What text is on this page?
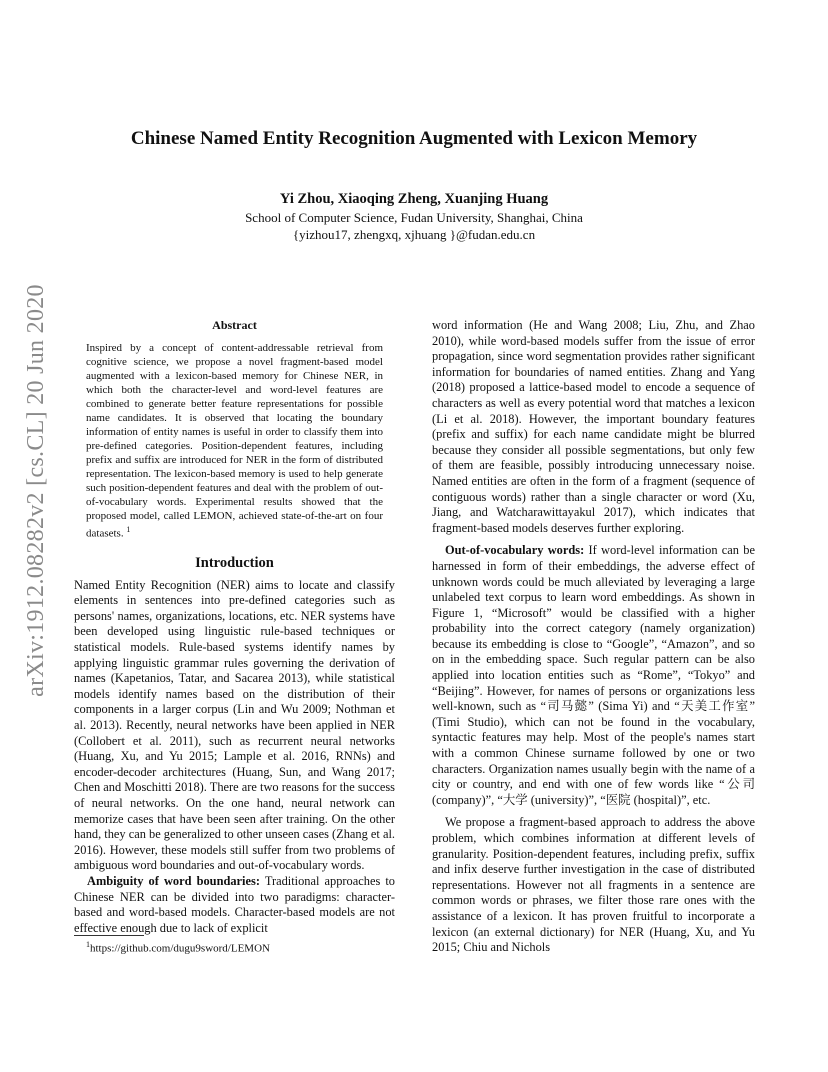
arXiv:1912.08282v2 [cs.CL] 20 Jun 2020
Chinese Named Entity Recognition Augmented with Lexicon Memory
Yi Zhou, Xiaoqing Zheng, Xuanjing Huang
School of Computer Science, Fudan University, Shanghai, China
{yizhou17, zhengxq, xjhuang }@fudan.edu.cn
Abstract
Inspired by a concept of content-addressable retrieval from cognitive science, we propose a novel fragment-based model augmented with a lexicon-based memory for Chinese NER, in which both the character-level and word-level features are combined to generate better feature representations for possible name candidates. It is observed that locating the boundary information of entity names is useful in order to classify them into pre-defined categories. Position-dependent features, including prefix and suffix are introduced for NER in the form of distributed representation. The lexicon-based memory is used to help generate such position-dependent features and deal with the problem of out-of-vocabulary words. Experimental results showed that the proposed model, called LEMON, achieved state-of-the-art on four datasets. $^1$
Introduction

Named Entity Recognition (NER) aims to locate and classify elements in sentences into pre-defined categories such as persons' names, organizations, locations, etc. NER systems have been developed using linguistic rule-based techniques or statistical models. Rule-based systems identify names by applying linguistic grammar rules governing the derivation of names (Kapetanios, Tatar, and Sacarea 2013), while statistical models identify names based on the distribution of their components in a larger corpus (Lin and Wu 2009; Nothman et al. 2013). Recently, neural networks have been applied in NER (Collobert et al. 2011), such as recurrent neural networks (Huang, Xu, and Yu 2015; Lample et al. 2016, RNNs) and encoder-decoder architectures (Huang, Sun, and Wang 2017; Chen and Moschitti 2018). There are two reasons for the success of neural networks. On the one hand, neural network can memorize cases that have been seen after training. On the other hand, they can be generalized to other unseen cases (Zhang et al. 2016). However, these models still suffer from two problems of ambiguous word boundaries and out-of-vocabulary words.

Ambiguity of word boundaries: Traditional approaches to Chinese NER can be divided into two paradigms: character-based and word-based models. Character-based models are not effective enough due to lack of explicit

word information (He and Wang 2008; Liu, Zhu, and Zhao 2010), while word-based models suffer from the issue of error propagation, since word segmentation provides rather significant information for boundaries of named entities. Zhang and Yang (2018) proposed a lattice-based model to encode a sequence of characters as well as every potential word that matches a lexicon (Li et al. 2018). However, the important boundary features (prefix and suffix) for each name candidate might be blurred because they consider all possible segmentations, but only few of them are feasible, possibly introducing unnecessary noise. Named entities are often in the form of a fragment (sequence of contiguous words) rather than a single character or word (Xu, Jiang, and Watcharawittayakul 2017), which indicates that fragment-based models deserves further exploring.

Out-of-vocabulary words: If word-level information can be harnessed in form of their embeddings, the adverse effect of unknown words could be much alleviated by leveraging a large unlabeled text corpus to learn word embeddings. As shown in Figure 1, “Microsoft” would be classified with a higher probability into the correct category (namely organization) because its embedding is close to “Google”, “Amazon”, and so on in the embedding space. Such regular pattern can be also applied into location entities such as “Rome”, “Tokyo” and “Beijing”. However, for names of persons or organizations less well-known, such as “司马懿” (Sima Yi) and “天美工作室” (Timi Studio), which can not be found in the vocabulary, syntactic features may help. Most of the people's names start with a common Chinese surname followed by one or two characters. Organization names usually begin with the name of a city or country, and end with one of few words like “公司 (company)”, “大学 (university)”, “医院 (hospital)”, etc.

We propose a fragment-based approach to address the above problem, which combines information at different levels of granularity. Position-dependent features, including prefix, suffix and infix deserve further investigation in the case of distributed representations. However not all fragments in a sentence are common words or phrases, we filter those rare ones with the assistance of a lexicon. It has proven fruitful to incorporate a lexicon (an external dictionary) for NER (Huang, Xu, and Yu 2015; Chiu and Nichols

$^1$https://github.com/dugu9sword/LEMON
